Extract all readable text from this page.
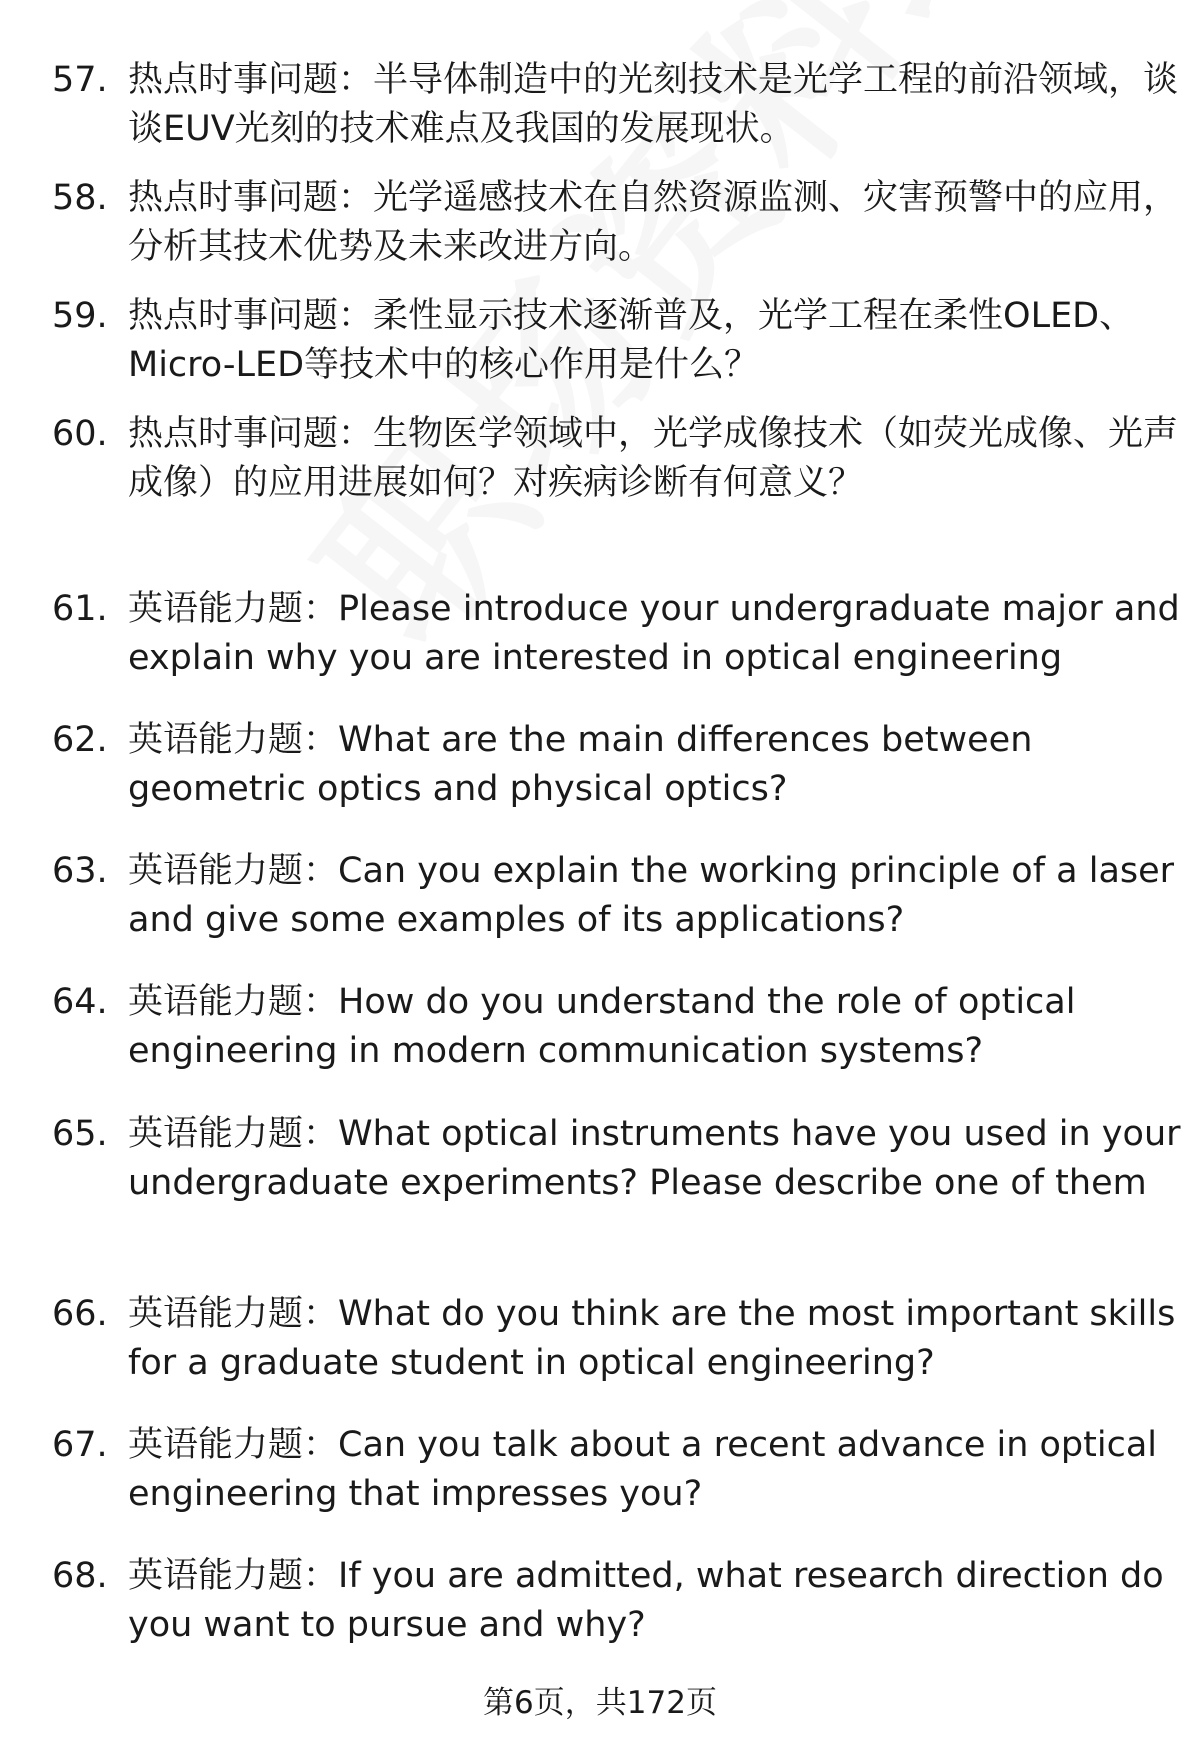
57. 热点时事问题：半导体制造中的光刻技术是光学工程的前沿领域，谈谈EUV光刻的技术难点及我国的发展现状。
58. 热点时事问题：光学遥感技术在自然资源监测、灾害预警中的应用，分析其技术优势及未来改进方向。
59. 热点时事问题：柔性显示技术逐渐普及，光学工程在柔性OLED、Micro-LED等技术中的核心作用是什么？
60. 热点时事问题：生物医学领域中，光学成像技术（如荧光成像、光声成像）的应用进展如何？对疾病诊断有何意义？
61. 英语能力题：Please introduce your undergraduate major and explain why you are interested in optical engineering
62. 英语能力题：What are the main differences between geometric optics and physical optics?
63. 英语能力题：Can you explain the working principle of a laser and give some examples of its applications?
64. 英语能力题：How do you understand the role of optical engineering in modern communication systems?
65. 英语能力题：What optical instruments have you used in your undergraduate experiments? Please describe one of them
66. 英语能力题：What do you think are the most important skills for a graduate student in optical engineering?
67. 英语能力题：Can you talk about a recent advance in optical engineering that impresses you?
68. 英语能力题：If you are admitted, what research direction do you want to pursue and why?
第6页，共172页
